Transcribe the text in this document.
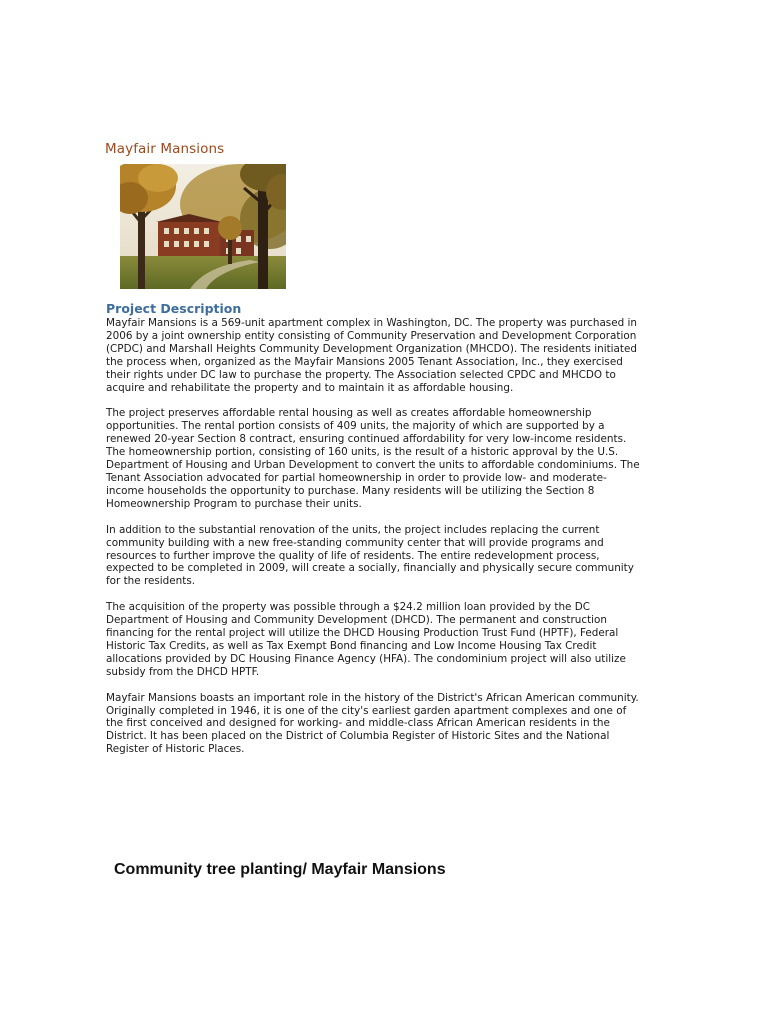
Mayfair Mansions
Project Description

Mayfair Mansions is a 569-unit apartment complex in Washington, DC. The property was purchased in 2006 by a joint ownership entity consisting of Community Preservation and Development Corporation (CPDC) and Marshall Heights Community Development Organization (MHCDO). The residents initiated the process when, organized as the Mayfair Mansions 2005 Tenant Association, Inc., they exercised their rights under DC law to purchase the property. The Association selected CPDC and MHCDO to acquire and rehabilitate the property and to maintain it as affordable housing.

The project preserves affordable rental housing as well as creates affordable homeownership opportunities. The rental portion consists of 409 units, the majority of which are supported by a renewed 20-year Section 8 contract, ensuring continued affordability for very low-income residents. The homeownership portion, consisting of 160 units, is the result of a historic approval by the U.S. Department of Housing and Urban Development to convert the units to affordable condominiums. The Tenant Association advocated for partial homeownership in order to provide low- and moderate- income households the opportunity to purchase. Many residents will be utilizing the Section 8 Homeownership Program to purchase their units.

In addition to the substantial renovation of the units, the project includes replacing the current community building with a new free-standing community center that will provide programs and resources to further improve the quality of life of residents. The entire redevelopment process, expected to be completed in 2009, will create a socially, financially and physically secure community for the residents.

The acquisition of the property was possible through a $24.2 million loan provided by the DC Department of Housing and Community Development (DHCD). The permanent and construction financing for the rental project will utilize the DHCD Housing Production Trust Fund (HPTF), Federal Historic Tax Credits, as well as Tax Exempt Bond financing and Low Income Housing Tax Credit allocations provided by DC Housing Finance Agency (HFA). The condominium project will also utilize subsidy from the DHCD HPTF.

Mayfair Mansions boasts an important role in the history of the District's African American community. Originally completed in 1946, it is one of the city's earliest garden apartment complexes and one of the first conceived and designed for working- and middle-class African American residents in the District. It has been placed on the District of Columbia Register of Historic Sites and the National Register of Historic Places.

Community tree planting/ Mayfair Mansions
